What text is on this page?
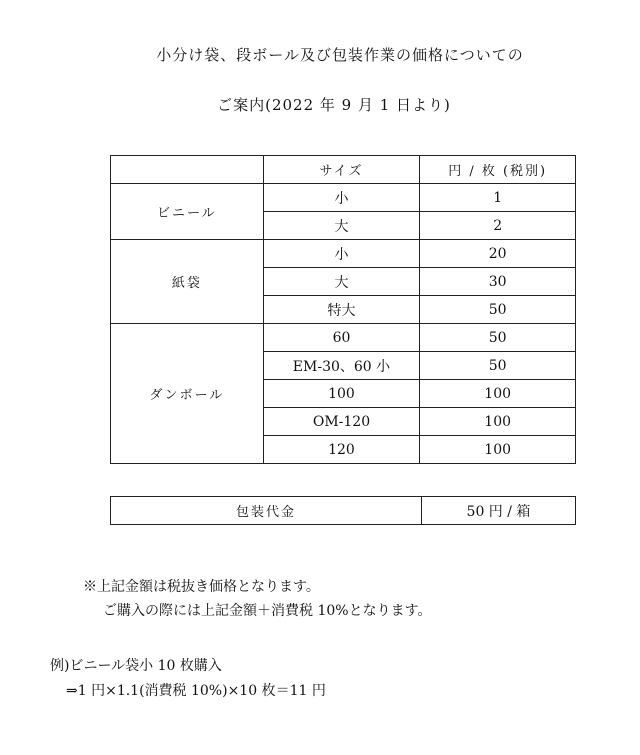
小分け袋、段ボール及び包装作業の価格についての
ご案内(2022 年 9 月 1 日より)
	サイズ	円 / 枚 (税別)
ビニール	小	1
	大	2
紙袋	小	20
	大	30
	特大	50
ダンボール	60	50
	EM-30、60 小	50
	100	100
	OM-120	100
	120	100
包装代金	50 円 / 箱
※上記金額は税抜き価格となります。
ご購入の際には上記金額＋消費税 10%となります。
例)ビニール袋小 10 枚購入
⇒1 円×1.1(消費税 10%)×10 枚＝11 円
